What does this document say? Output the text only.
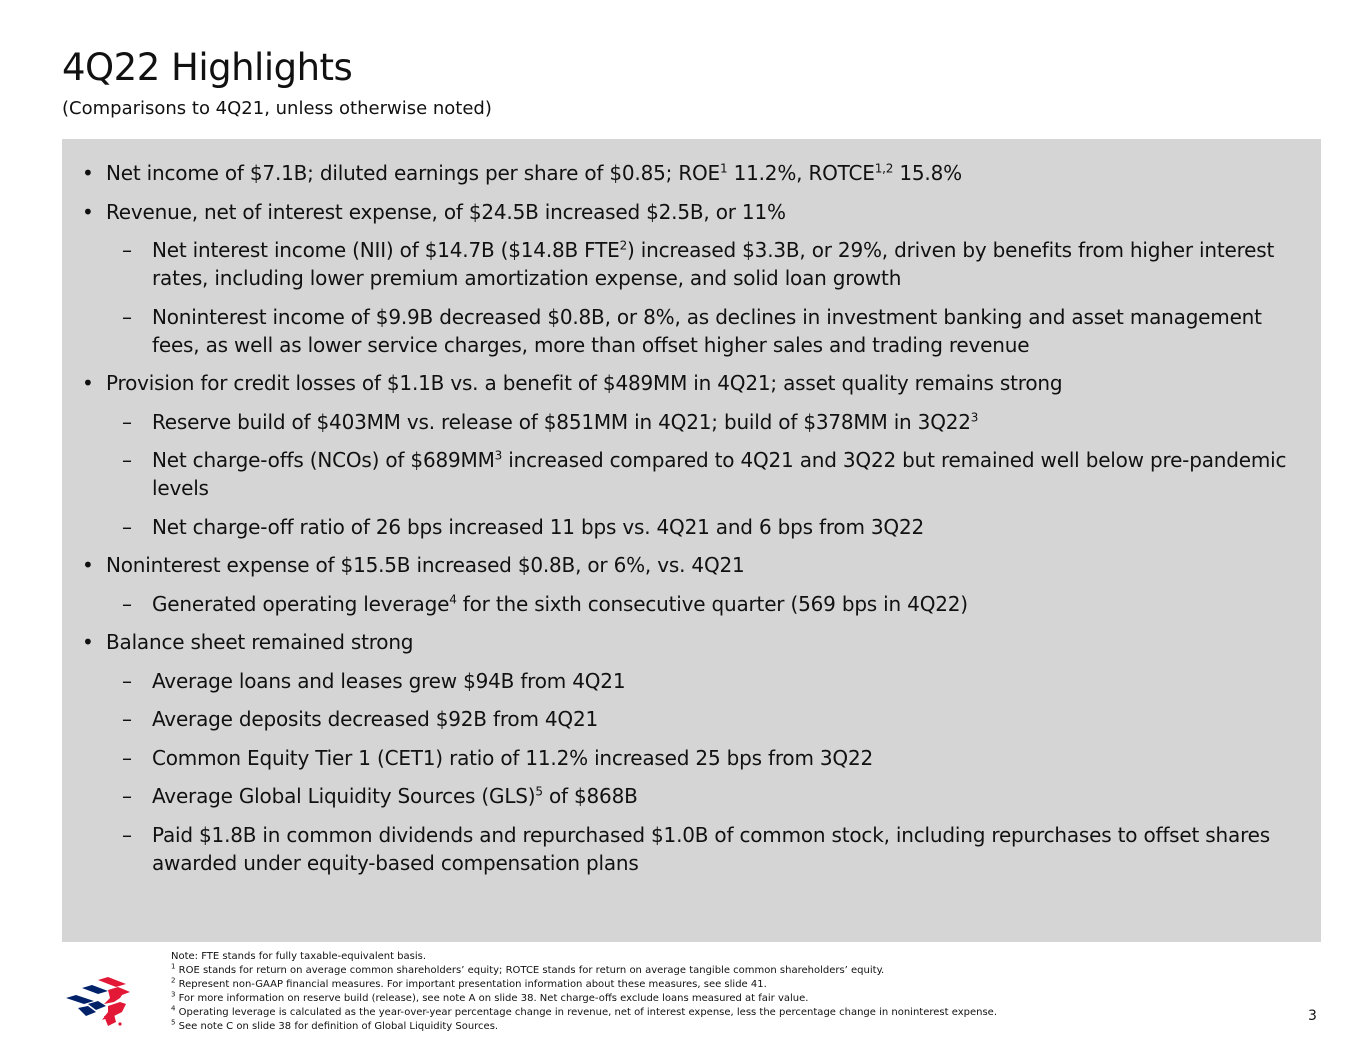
4Q22 Highlights

(Comparisons to 4Q21, unless otherwise noted)

• Net income of $7.1B; diluted earnings per share of $0.85; ROE$^1$ 11.2%, ROTCE$^{1,2}$ 15.8%
• Revenue, net of interest expense, of $24.5B increased $2.5B, or 11%
– Net interest income (NII) of $14.7B ($14.8B FTE$^2$) increased $3.3B, or 29%, driven by benefits from higher interest rates, including lower premium amortization expense, and solid loan growth
– Noninterest income of $9.9B decreased $0.8B, or 8%, as declines in investment banking and asset management fees, as well as lower service charges, more than offset higher sales and trading revenue
• Provision for credit losses of $1.1B vs. a benefit of $489MM in 4Q21; asset quality remains strong
– Reserve build of $403MM vs. release of $851MM in 4Q21; build of $378MM in $3Q22^3$
– Net charge-offs (NCOs) of $\$689MM^3$ increased compared to 4Q21 and 3Q22 but remained well below pre-pandemic levels
– Net charge-off ratio of 26 bps increased 11 bps vs. 4Q21 and 6 bps from 3Q22
• Noninterest expense of $15.5B increased $0.8B, or 6%, vs. 4Q21
– Generated operating leverage$^4$ for the sixth consecutive quarter (569 bps in 4Q22)
• Balance sheet remained strong
– Average loans and leases grew $94B from 4Q21
– Average deposits decreased $92B from 4Q21
– Common Equity Tier 1 (CET1) ratio of 11.2% increased 25 bps from 3Q22
– Average Global Liquidity Sources (GLS)$^5$ of $868B
– Paid $1.8B in common dividends and repurchased $1.0B of common stock, including repurchases to offset shares awarded under equity-based compensation plans
Note: FTE stands for fully taxable-equivalent basis.
$^1$ ROE stands for return on average common shareholders’ equity; ROTCE stands for return on average tangible common shareholders’ equity.
$^2$ Represent non-GAAP financial measures. For important presentation information about these measures, see slide 41.
$^3$ For more information on reserve build (release), see note A on slide 38. Net charge-offs exclude loans measured at fair value.
$^4$ Operating leverage is calculated as the year-over-year percentage change in revenue, net of interest expense, less the percentage change in noninterest expense.
$^5$ See note C on slide 38 for definition of Global Liquidity Sources.
3
